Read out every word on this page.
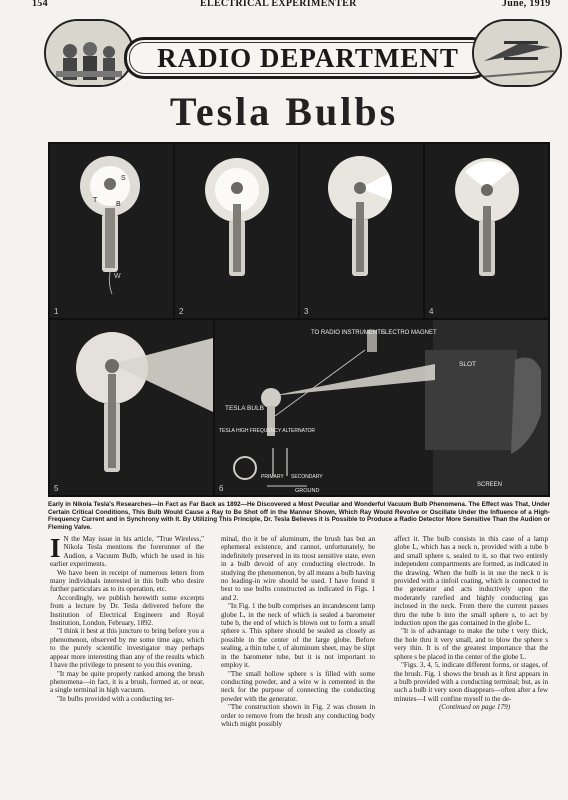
154	ELECTRICAL EXPERIMENTER	June, 1919
RADIO DEPARTMENT
Tesla Bulbs
L
S
T
B
W
1
L
2	3	4
5
TO RADIO INSTRUMENTS
ELECTRO MAGNET
SLOT
TESLA BULB
TESLA HIGH FREQUENCY ALTERNATOR
PRIMARY SECONDARY
GROUND
SCREEN
6
Early in Nikola Tesla's Researches—in Fact as Far Back as 1892—He Discovered a Most Peculiar and Wonderful Vacuum Bulb Phenomena. The Effect was That, Under Certain Critical Conditions, This Bulb Would Cause a Ray to Be Shot off in the Manner Shown, Which Ray Would Revolve or Oscillate Under the Influence of a High-Frequency Current and in Synchrony with It. By Utilizing This Principle, Dr. Tesla Believes it is Possible to Produce a Radio Detector More Sensitive Than the Audion or Fleming Valve.

I N the May issue in his article, "True Wireless," Nikola Tesla mentions the forerunner of the Audion, a Vacuum Bulb, which he used in his earlier experiments.

We have been in receipt of numerous letters from many individuals interested in this bulb who desire further particulars as to its operation, etc.

Accordingly, we publish herewith some excerpts from a lecture by Dr. Tesla delivered before the Institution of Electrical Engineers and Royal Institution, London, February, 1892.

"I think it best at this juncture to bring before you a phenomenon, observed by me some time ago, which to the purely scientific investigator may perhaps appear more interesting than any of the results which I have the privilege to present to you this evening.

"It may be quite properly ranked among the brush phenomena—in fact, it is a brush, formed at, or near, a single terminal in high vacuum.

"In bulbs provided with a conducting ter-

minal, tho it be of aluminum, the brush has but an ephemeral existence, and cannot, unfortunately, be indefinitely preserved in its most sensitive state, even in a bulb devoid of any conducting electrode. In studying the phenomenon, by all means a bulb having no leading-in wire should be used. I have found it best to use bulbs constructed as indicated in Figs. 1 and 2.

"In Fig. 1 the bulb comprises an incandescent lamp globe L, in the neck of which is sealed a barometer tube b, the end of which is blown out to form a small sphere s. This sphere should be sealed as closely as possible in the center of the large globe. Before sealing, a thin tube t, of aluminum sheet, may be slipt in the barometer tube, but it is not important to employ it.

"The small hollow sphere s is filled with some conducting powder, and a wire w is cemented in the neck for the purpose of connecting the conducting powder with the generator.

"The construction shown in Fig. 2 was chosen in order to remove from the brush any conducting body which might possibly

affect it. The bulb consists in this case of a lamp globe L, which has a neck n, provided with a tube b and small sphere s, sealed to it, so that two entirely independent compartments are formed, as indicated in the drawing. When the bulb is in use the neck n is provided with a tinfoil coating, which is connected to the generator and acts inductively upon the moderately rarefied and highly conducting gas inclosed in the neck. From there the current passes thru the tube b into the small sphere s, to act by induction upon the gas contained in the globe L.

"It is of advantage to make the tube t very thick, the hole thru it very small, and to blow the sphere s very thin. It is of the greatest importance that the sphere s be placed in the center of the globe L.

"Figs. 3, 4, 5, indicate different forms, or stages, of the brush. Fig. 1 shows the brush as it first appears in a bulb provided with a conducting terminal; but, as in such a bulb it very soon disappears—often after a few minutes—I will confine myself to the de-

(Continued on page 179)
